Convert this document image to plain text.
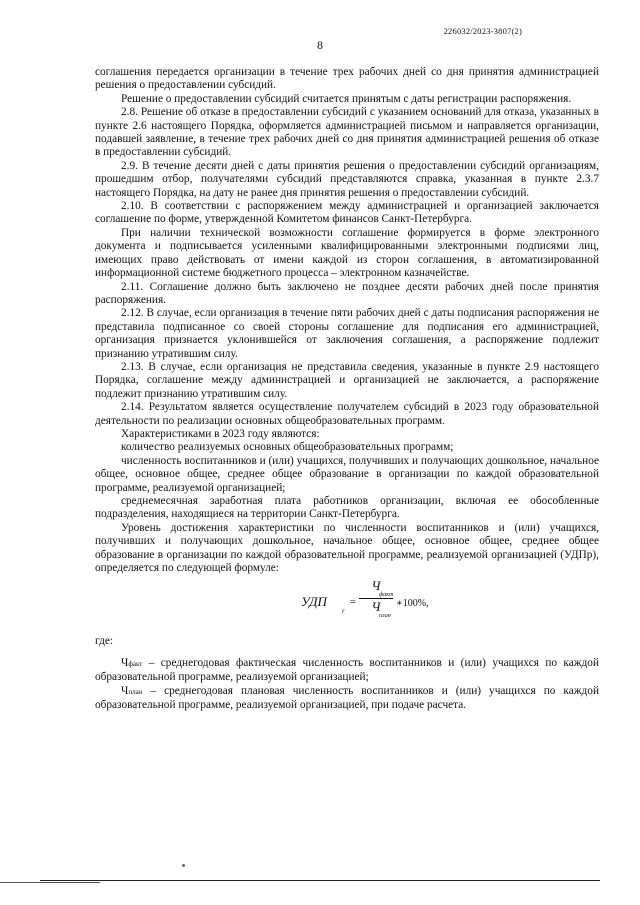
226032/2023-3807(2)
8

соглашения передается организации в течение трех рабочих дней со дня принятия администрацией решения о предоставлении субсидий.

Решение о предоставлении субсидий считается принятым с даты регистрации распоряжения.

2.8. Решение об отказе в предоставлении субсидий с указанием оснований для отказа, указанных в пункте 2.6 настоящего Порядка, оформляется администрацией письмом и направляется организации, подавшей заявление, в течение трех рабочих дней со дня принятия администрацией решения об отказе в предоставлении субсидий.

2.9. В течение десяти дней с даты принятия решения о предоставлении субсидий организациям, прошедшим отбор, получателями субсидий представляются справка, указанная в пункте 2.3.7 настоящего Порядка, на дату не ранее дня принятия решения о предоставлении субсидий.

2.10. В соответствии с распоряжением между администрацией и организацией заключается соглашение по форме, утвержденной Комитетом финансов Санкт-Петербурга.

При наличии технической возможности соглашение формируется в форме электронного документа и подписывается усиленными квалифицированными электронными подписями лиц, имеющих право действовать от имени каждой из сторон соглашения, в автоматизированной информационной системе бюджетного процесса – электронном казначействе.

2.11. Соглашение должно быть заключено не позднее десяти рабочих дней после принятия распоряжения.

2.12. В случае, если организация в течение пяти рабочих дней с даты подписания распоряжения не представила подписанное со своей стороны соглашение для подписания его администрацией, организация признается уклонившейся от заключения соглашения, а распоряжение подлежит признанию утратившим силу.

2.13. В случае, если организация не представила сведения, указанные в пункте 2.9 настоящего Порядка, соглашение между администрацией и организацией не заключается, а распоряжение подлежит признанию утратившим силу.

2.14. Результатом является осуществление получателем субсидий в 2023 году образовательной деятельности по реализации основных общеобразовательных программ.

Характеристиками в 2023 году являются:

количество реализуемых основных общеобразовательных программ;

численность воспитанников и (или) учащихся, получивших и получающих дошкольное, начальное общее, основное общее, среднее общее образование в организации по каждой образовательной программе, реализуемой организацией;

среднемесячная заработная плата работников организации, включая ее обособленные подразделения, находящиеся на территории Санкт-Петербурга.

Уровень достижения характеристики по численности воспитанников и (или) учащихся, получивших и получающих дошкольное, начальное общее, основное общее, среднее общее образование в организации по каждой образовательной программе, реализуемой организацией (УДПр), определяется по следующей формуле:

УДП
r
=
Ч
факт
Ч
план
∗100%,

где:

Чфакт – среднегодовая фактическая численность воспитанников и (или) учащихся по каждой образовательной программе, реализуемой организацией;

Чплан – среднегодовая плановая численность воспитанников и (или) учащихся по каждой образовательной программе, реализуемой организацией, при подаче расчета.
